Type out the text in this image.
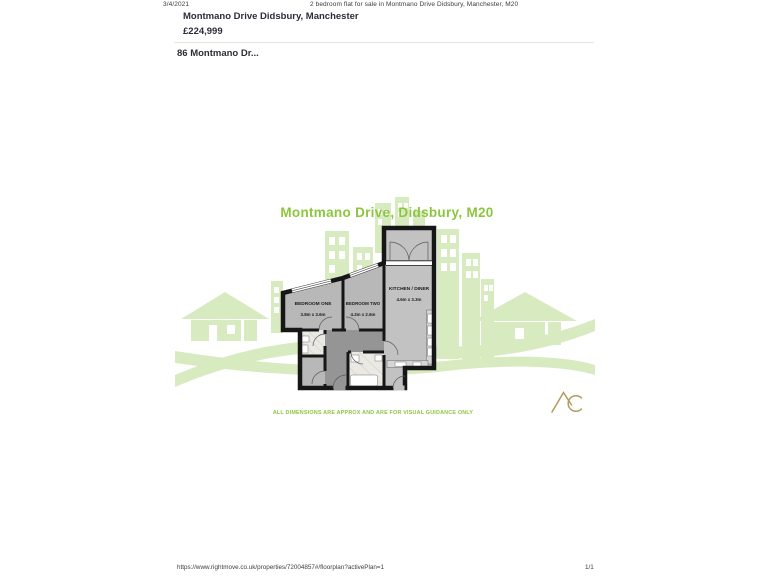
3/4/2021	2 bedroom flat for sale in Montmano Drive Didsbury, Manchester, M20
Montmano Drive Didsbury, Manchester
£224,999
86 Montmano Dr...
Montmano Drive, Didsbury, M20
BEDROOM ONE
3.8m x 3.6m
BEDROOM TWO
4.2m x 2.6m
KITCHEN / DINER
4.6m x 3.3m
ALL DIMENSIONS ARE APPROX AND ARE FOR VISUAL GUIDANCE ONLY
https://www.rightmove.co.uk/properties/72004857#/floorplan?activePlan=1	1/1
